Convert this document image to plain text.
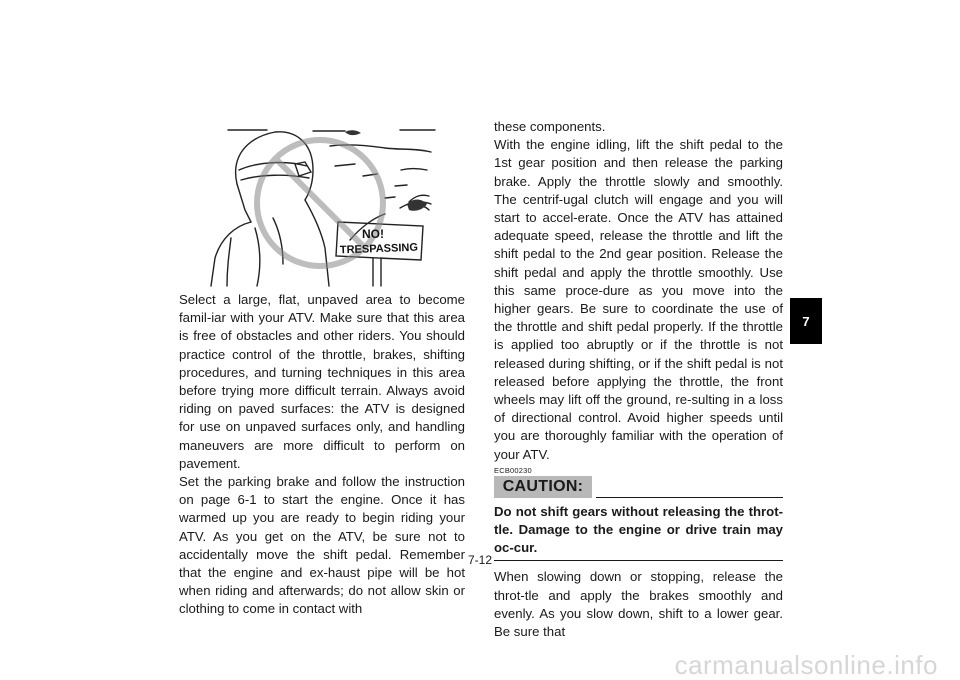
NO!
TRESPASSING

Select a large, flat, unpaved area to become famil-iar with your ATV. Make sure that this area is free of obstacles and other riders. You should practice control of the throttle, brakes, shifting procedures, and turning techniques in this area before trying more difficult terrain. Always avoid riding on paved surfaces: the ATV is designed for use on unpaved surfaces only, and handling maneuvers are more difficult to perform on pavement.

Set the parking brake and follow the instruction on page 6-1 to start the engine. Once it has warmed up you are ready to begin riding your ATV. As you get on the ATV, be sure not to accidentally move the shift pedal. Remember that the engine and ex-haust pipe will be hot when riding and afterwards; do not allow skin or clothing to come in contact with

these components.

With the engine idling, lift the shift pedal to the 1st gear position and then release the parking brake. Apply the throttle slowly and smoothly. The centrif-ugal clutch will engage and you will start to accel-erate. Once the ATV has attained adequate speed, release the throttle and lift the shift pedal to the 2nd gear position. Release the shift pedal and apply the throttle smoothly. Use this same proce-dure as you move into the higher gears. Be sure to coordinate the use of the throttle and shift pedal properly. If the throttle is applied too abruptly or if the throttle is not released during shifting, or if the shift pedal is not released before applying the throttle, the front wheels may lift off the ground, re-sulting in a loss of directional control. Avoid higher speeds until you are thoroughly familiar with the operation of your ATV.

ECB00230
CAUTION:

Do not shift gears without releasing the throt-tle. Damage to the engine or drive train may oc-cur.

When slowing down or stopping, release the throt-tle and apply the brakes smoothly and evenly. As you slow down, shift to a lower gear. Be sure that

7-12
7
carmanualsonline.info
